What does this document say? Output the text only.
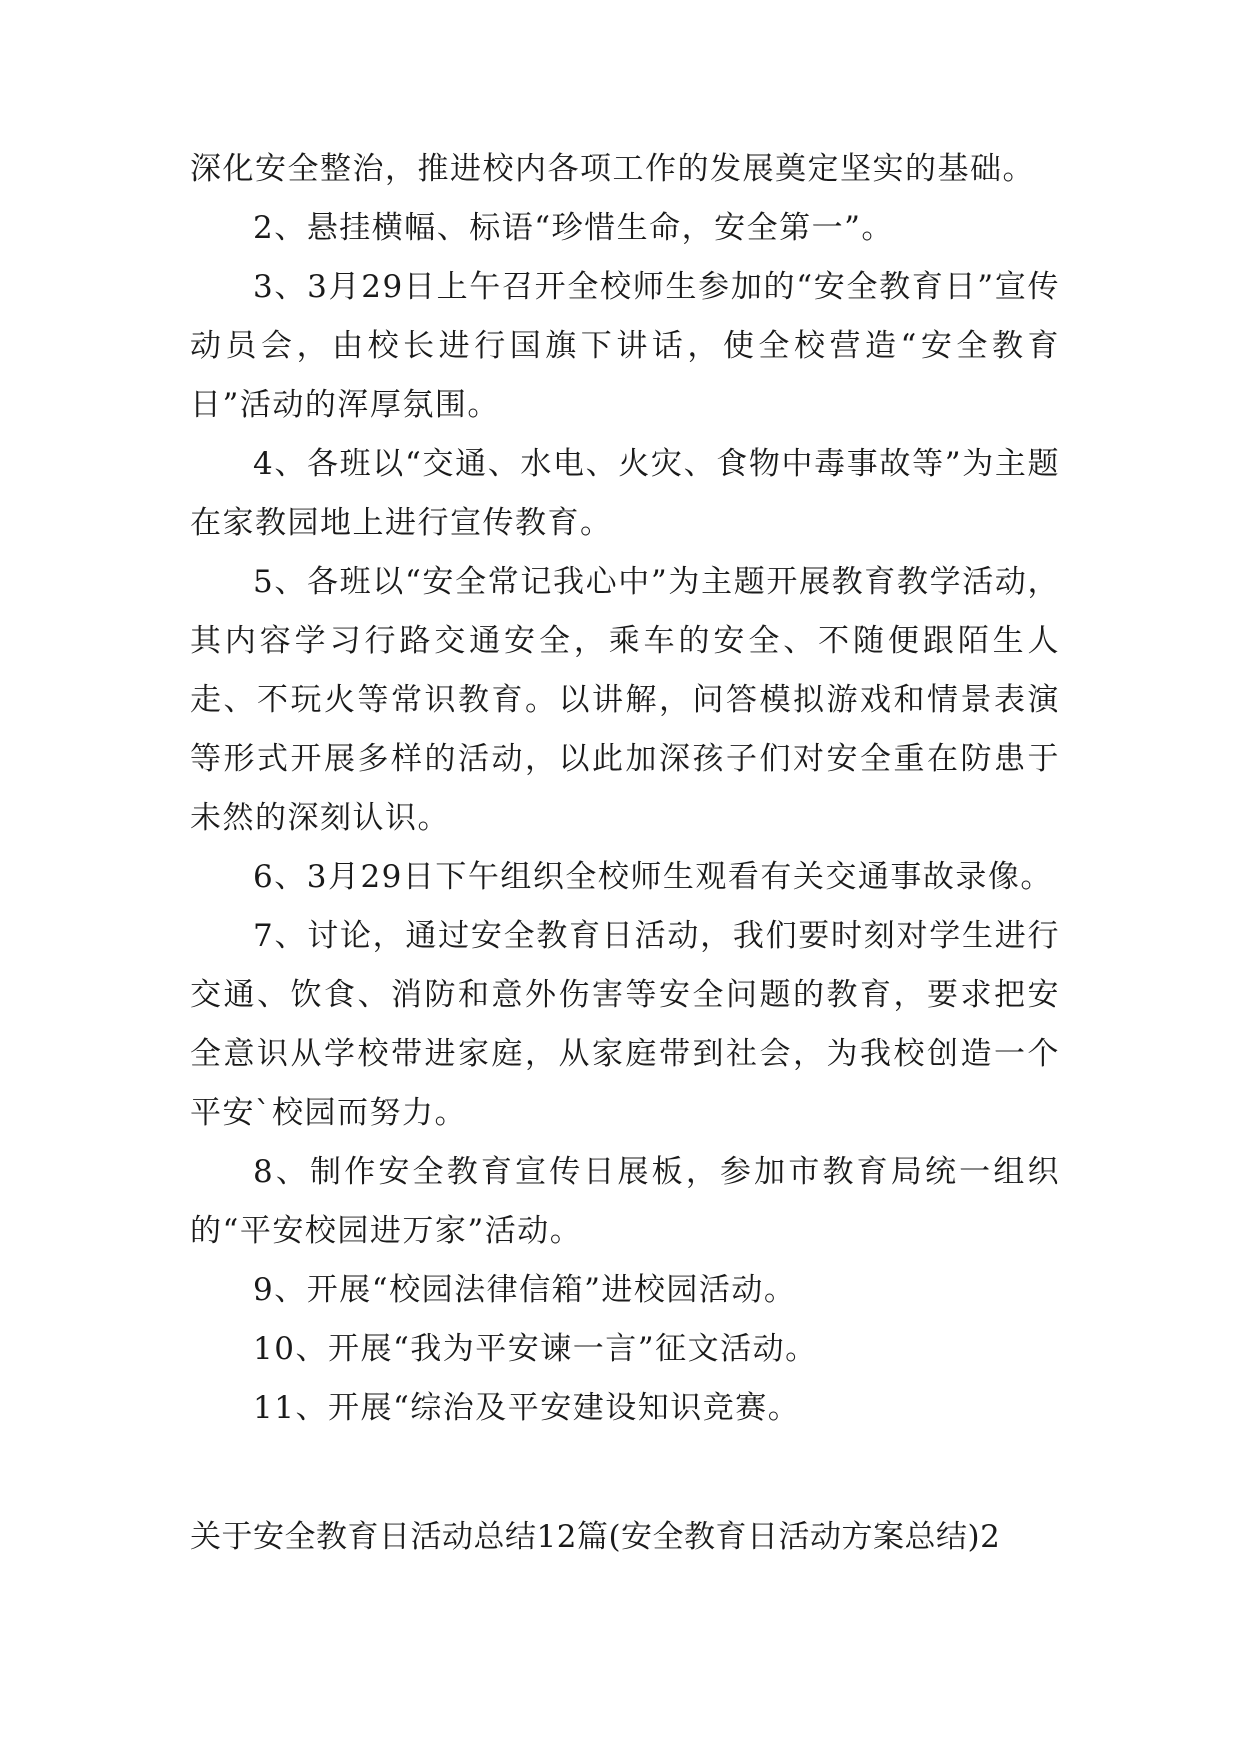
深化安全整治，推进校内各项工作的发展奠定坚实的基础。

2、悬挂横幅、标语“珍惜生命，安全第一”。

3、3月29日上午召开全校师生参加的“安全教育日”宣传动员会，由校长进行国旗下讲话，使全校营造“安全教育日”活动的浑厚氛围。

4、各班以“交通、水电、火灾、食物中毒事故等”为主题在家教园地上进行宣传教育。

5、各班以“安全常记我心中”为主题开展教育教学活动，其内容学习行路交通安全，乘车的安全、不随便跟陌生人走、不玩火等常识教育。以讲解，问答模拟游戏和情景表演等形式开展多样的活动，以此加深孩子们对安全重在防患于未然的深刻认识。

6、3月29日下午组织全校师生观看有关交通事故录像。

7、讨论，通过安全教育日活动，我们要时刻对学生进行交通、饮食、消防和意外伤害等安全问题的教育，要求把安全意识从学校带进家庭，从家庭带到社会，为我校创造一个平安`校园而努力。

8、制作安全教育宣传日展板，参加市教育局统一组织的“平安校园进万家”活动。

9、开展“校园法律信箱”进校园活动。

10、开展“我为平安谏一言”征文活动。

11、开展“综治及平安建设知识竞赛。

关于安全教育日活动总结12篇(安全教育日活动方案总结)2
